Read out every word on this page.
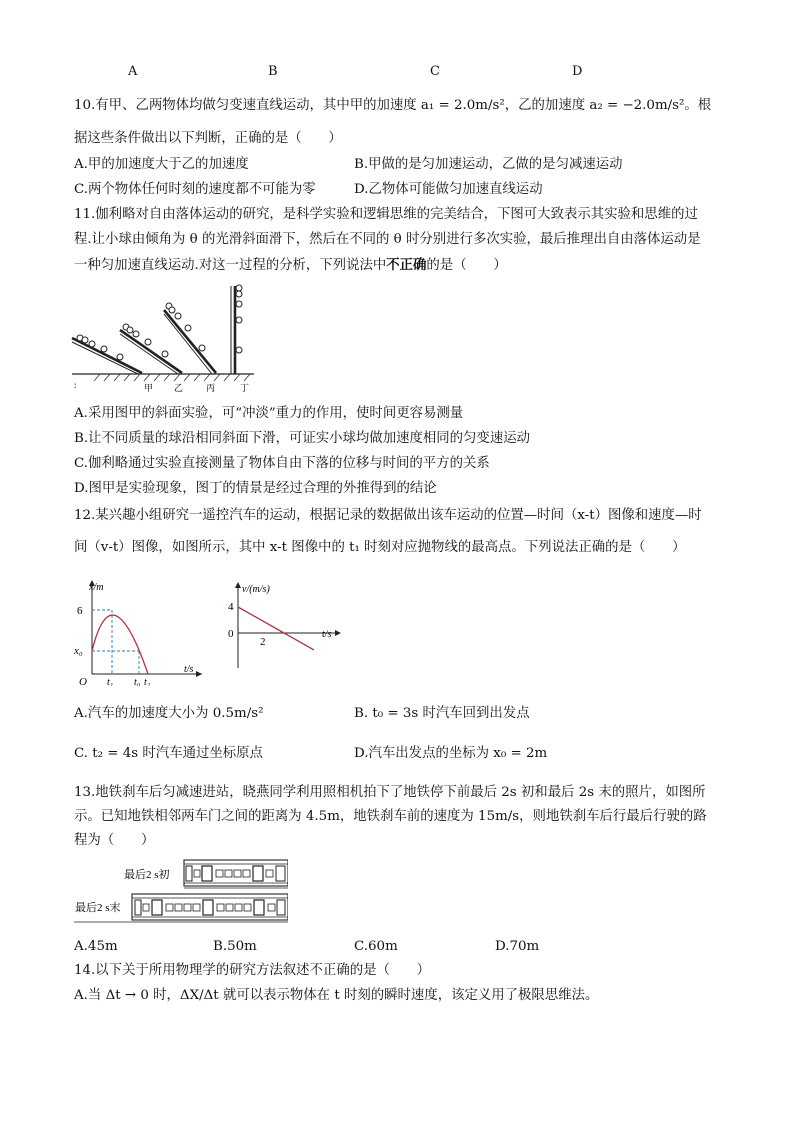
A	B	C	D
10.有甲、乙两物体均做匀变速直线运动，其中甲的加速度 a₁ = 2.0m/s²，乙的加速度 a₂ = −2.0m/s²。根
据这些条件做出以下判断，正确的是（　　）
A.甲的加速度大于乙的加速度	B.甲做的是匀加速运动，乙做的是匀减速运动
C.两个物体任何时刻的速度都不可能为零	D.乙物体可能做匀加速直线运动
11.伽利略对自由落体运动的研究，是科学实验和逻辑思维的完美结合，下图可大致表示其实验和思维的过
程.让小球由倾角为 θ 的光滑斜面滑下，然后在不同的 θ 时分别进行多次实验，最后推理出自由落体运动是
一种匀加速直线运动.对这一过程的分析，下列说法中不正确的是（　　）
:	甲 乙	丙	丁
A.采用图甲的斜面实验，可“冲淡”重力的作用，使时间更容易测量
B.让不同质量的球沿相同斜面下滑，可证实小球均做加速度相同的匀变速运动
C.伽利略通过实验直接测量了物体自由下落的位移与时间的平方的关系
D.图甲是实验现象，图丁的情景是经过合理的外推得到的结论
12.某兴趣小组研究一遥控汽车的运动，根据记录的数据做出该车运动的位置—时间（x-t）图像和速度—时
间（v-t）图像，如图所示，其中 x-t 图像中的 t₁ 时刻对应抛物线的最高点。下列说法正确的是（　　）
x/m
6
x₀
O t₁ t₀ t₂
t/s
v/(m/s)
4
0
2
t/s
A.汽车的加速度大小为 0.5m/s²	B. t₀ = 3s 时汽车回到出发点
C. t₂ = 4s 时汽车通过坐标原点	D.汽车出发点的坐标为 x₀ = 2m
13.地铁刹车后匀减速进站，晓燕同学利用照相机拍下了地铁停下前最后 2s 初和最后 2s 末的照片，如图所
示。已知地铁相邻两车门之间的距离为 4.5m，地铁刹车前的速度为 15m/s，则地铁刹车后行最后行驶的路
程为（　　）
最后2 s初
最后2 s末
A.45m	B.50m	C.60m	D.70m
14.以下关于所用物理学的研究方法叙述不正确的是（　　）
A.当 Δt → 0 时，ΔX/Δt 就可以表示物体在 t 时刻的瞬时速度，该定义用了极限思维法。
